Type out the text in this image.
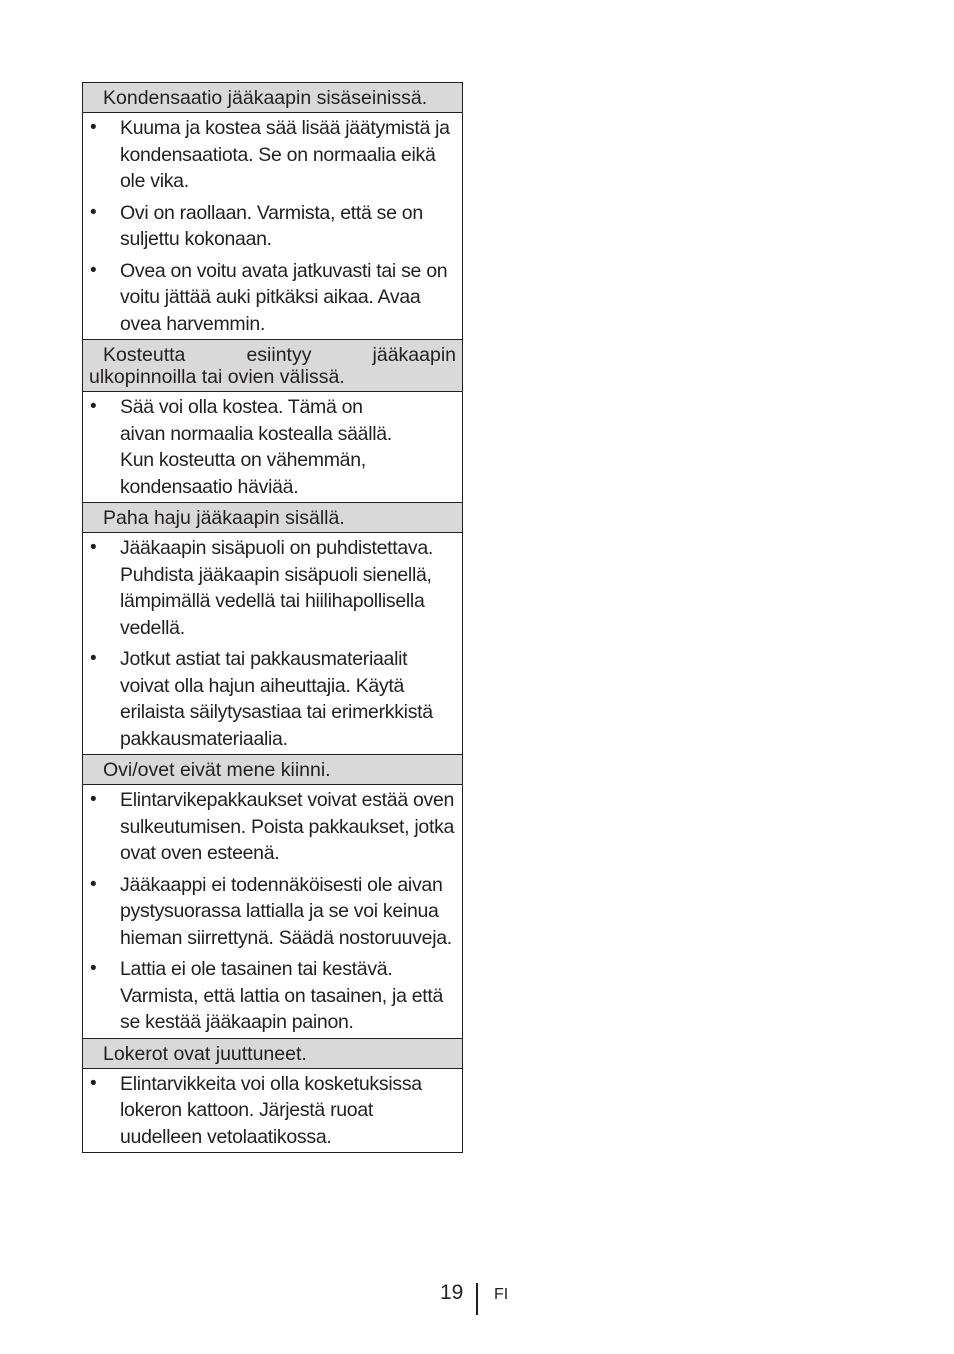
Kondensaatio jääkaapin sisäseinissä.
• Kuuma ja kostea sää lisää jäätymistä ja kondensaatiota. Se on normaalia eikä ole vika.
• Ovi on raollaan. Varmista, että se on suljettu kokonaan.
• Ovea on voitu avata jatkuvasti tai se on voitu jättää auki pitkäksi aikaa. Avaa ovea harvemmin.
Kosteutta esiintyy jääkaapin ulkopinnoilla tai ovien välissä.
• Sää voi olla kostea. Tämä on aivan normaalia kostealla säällä. Kun kosteutta on vähemmän, kondensaatio häviää.
Paha haju jääkaapin sisällä.
• Jääkaapin sisäpuoli on puhdistettava. Puhdista jääkaapin sisäpuoli sienellä, lämpimällä vedellä tai hiilihapollisella vedellä.
• Jotkut astiat tai pakkausmateriaalit voivat olla hajun aiheuttajia. Käytä erilaista säilytysastiaa tai erimerkkistä pakkausmateriaalia.
Ovi/ovet eivät mene kiinni.
• Elintarvikepakkaukset voivat estää oven sulkeutumisen. Poista pakkaukset, jotka ovat oven esteenä.
• Jääkaappi ei todennäköisesti ole aivan pystysuorassa lattialla ja se voi keinua hieman siirrettynä. Säädä nostoruuveja.
• Lattia ei ole tasainen tai kestävä. Varmista, että lattia on tasainen, ja että se kestää jääkaapin painon.
Lokerot ovat juuttuneet.
• Elintarvikkeita voi olla kosketuksissa lokeron kattoon. Järjestä ruoat uudelleen vetolaatikossa.
19 FI
